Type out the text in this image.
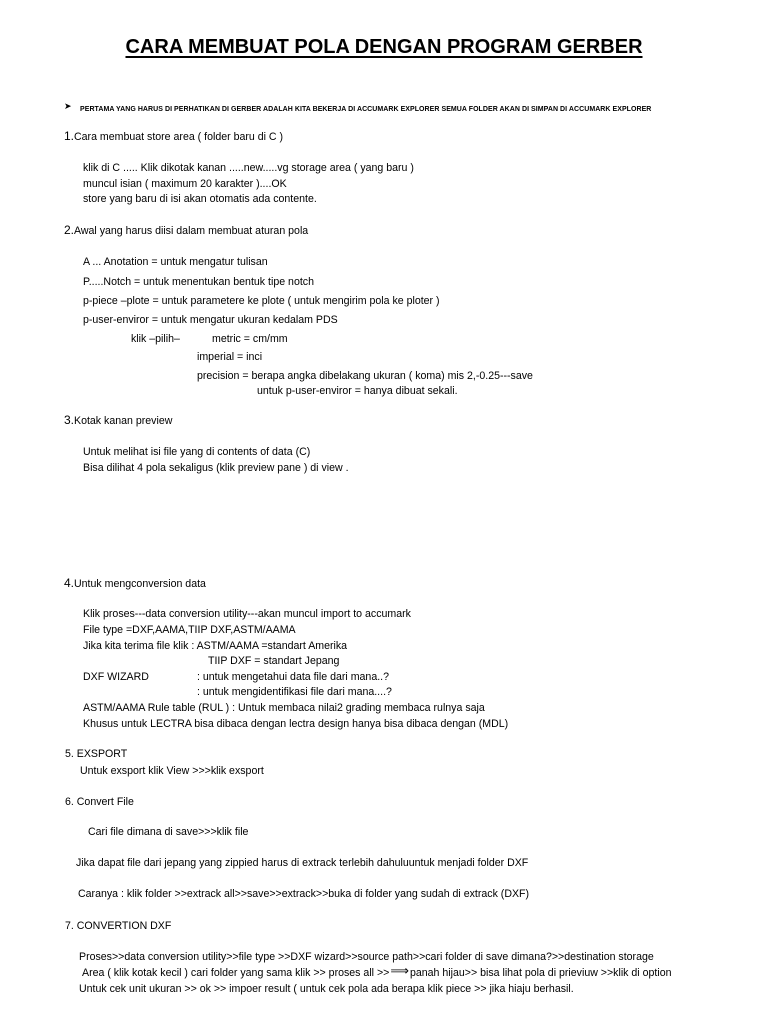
CARA MEMBUAT POLA DENGAN PROGRAM GERBER
➤ PERTAMA YANG HARUS DI PERHATIKAN DI GERBER ADALAH KITA BEKERJA DI ACCUMARK EXPLORER SEMUA FOLDER AKAN DI SIMPAN DI ACCUMARK EXPLORER
1.Cara membuat store area ( folder baru di C )
klik di C ..... Klik dikotak kanan .....new.....vg storage area ( yang baru )
muncul isian ( maximum 20 karakter )....OK
store yang baru di isi akan otomatis ada contente.
2.Awal yang harus diisi dalam membuat aturan pola
A ... Anotation = untuk mengatur tulisan
P.....Notch = untuk menentukan bentuk tipe notch
p-piece –plote = untuk parametere ke plote ( untuk mengirim pola ke ploter )
p-user-enviror = untuk mengatur ukuran kedalam PDS
klik –pilih–	metric = cm/mm
imperial = inci
precision = berapa angka dibelakang ukuran ( koma) mis 2,-0.25---save
untuk p-user-enviror = hanya dibuat sekali.
3.Kotak kanan preview
Untuk melihat isi file yang di contents of data (C)
Bisa dilihat 4 pola sekaligus (klik preview pane ) di view .
4.Untuk mengconversion data
Klik proses---data conversion utility---akan muncul import to accumark
File type =DXF,AAMA,TIIP DXF,ASTM/AAMA
Jika kita terima file klik : ASTM/AAMA =standart Amerika
TIIP DXF = standart Jepang
DXF WIZARD	: untuk mengetahui data file dari mana..?
: untuk mengidentifikasi file dari mana....?
ASTM/AAMA Rule table (RUL ) : Untuk membaca nilai2 grading membaca rulnya saja
Khusus untuk LECTRA bisa dibaca dengan lectra design hanya bisa dibaca dengan (MDL)
5. EXSPORT
Untuk exsport klik View >>>klik exsport
6. Convert File
Cari file dimana di save>>>klik file
Jika dapat file dari jepang yang zippied harus di extrack terlebih dahuluuntuk menjadi folder DXF
Caranya : klik folder >>extrack all>>save>>extrack>>buka di folder yang sudah di extrack (DXF)
7. CONVERTION DXF
Proses>>data conversion utility>>file type >>DXF wizard>>source path>>cari folder di save dimana?>>destination storage
Area ( klik kotak kecil ) cari folder yang sama klik >> proses all >>⟹panah hijau>> bisa lihat pola di prieviuw >>klik di option
Untuk cek unit ukuran >> ok >> impoer result ( untuk cek pola ada berapa klik piece >> jika hiaju berhasil.
